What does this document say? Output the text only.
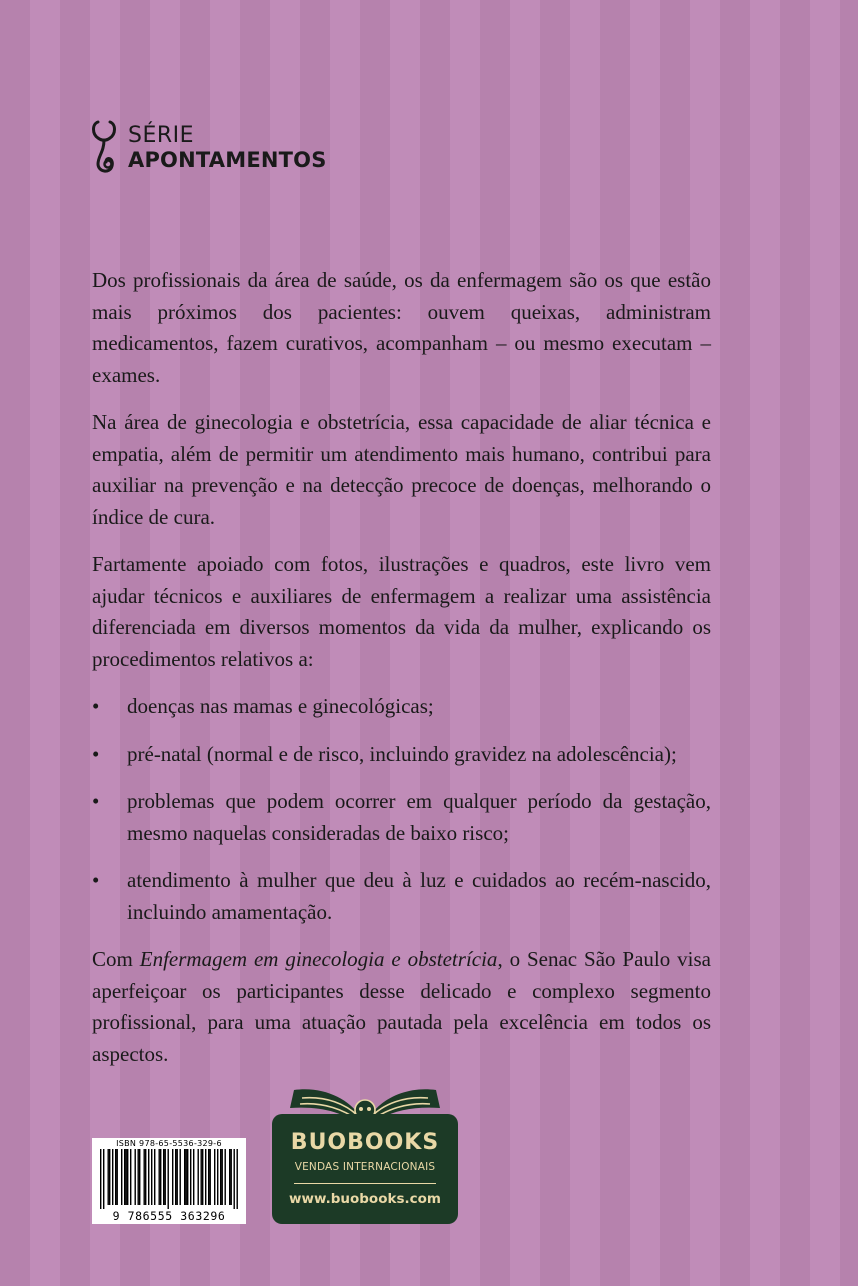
SÉRIE
APONTAMENTOS

Dos profissionais da área de saúde, os da enfermagem são os que estão mais próximos dos pacientes: ouvem queixas, administram medicamentos, fazem curativos, acompanham – ou mesmo executam – exames.

Na área de ginecologia e obstetrícia, essa capacidade de aliar técnica e empatia, além de permitir um atendimento mais humano, contribui para auxiliar na prevenção e na detecção precoce de doenças, melhorando o índice de cura.

Fartamente apoiado com fotos, ilustrações e quadros, este livro vem ajudar técnicos e auxiliares de enfermagem a realizar uma assistência diferenciada em diversos momentos da vida da mulher, explicando os procedimentos relativos a:

• doenças nas mamas e ginecológicas;
• pré-natal (normal e de risco, incluindo gravidez na adolescência);
• problemas que podem ocorrer em qualquer período da gestação, mesmo naquelas consideradas de baixo risco;
• atendimento à mulher que deu à luz e cuidados ao recém-nascido, incluindo amamentação.

Com Enfermagem em ginecologia e obstetrícia, o Senac São Paulo visa aperfeiçoar os participantes desse delicado e complexo segmento profissional, para uma atuação pautada pela excelência em todos os aspectos.

ISBN 978-65-5536-329-6
9 786555 363296
BUOBOOKS
VENDAS INTERNACIONAIS
www.buobooks.com
